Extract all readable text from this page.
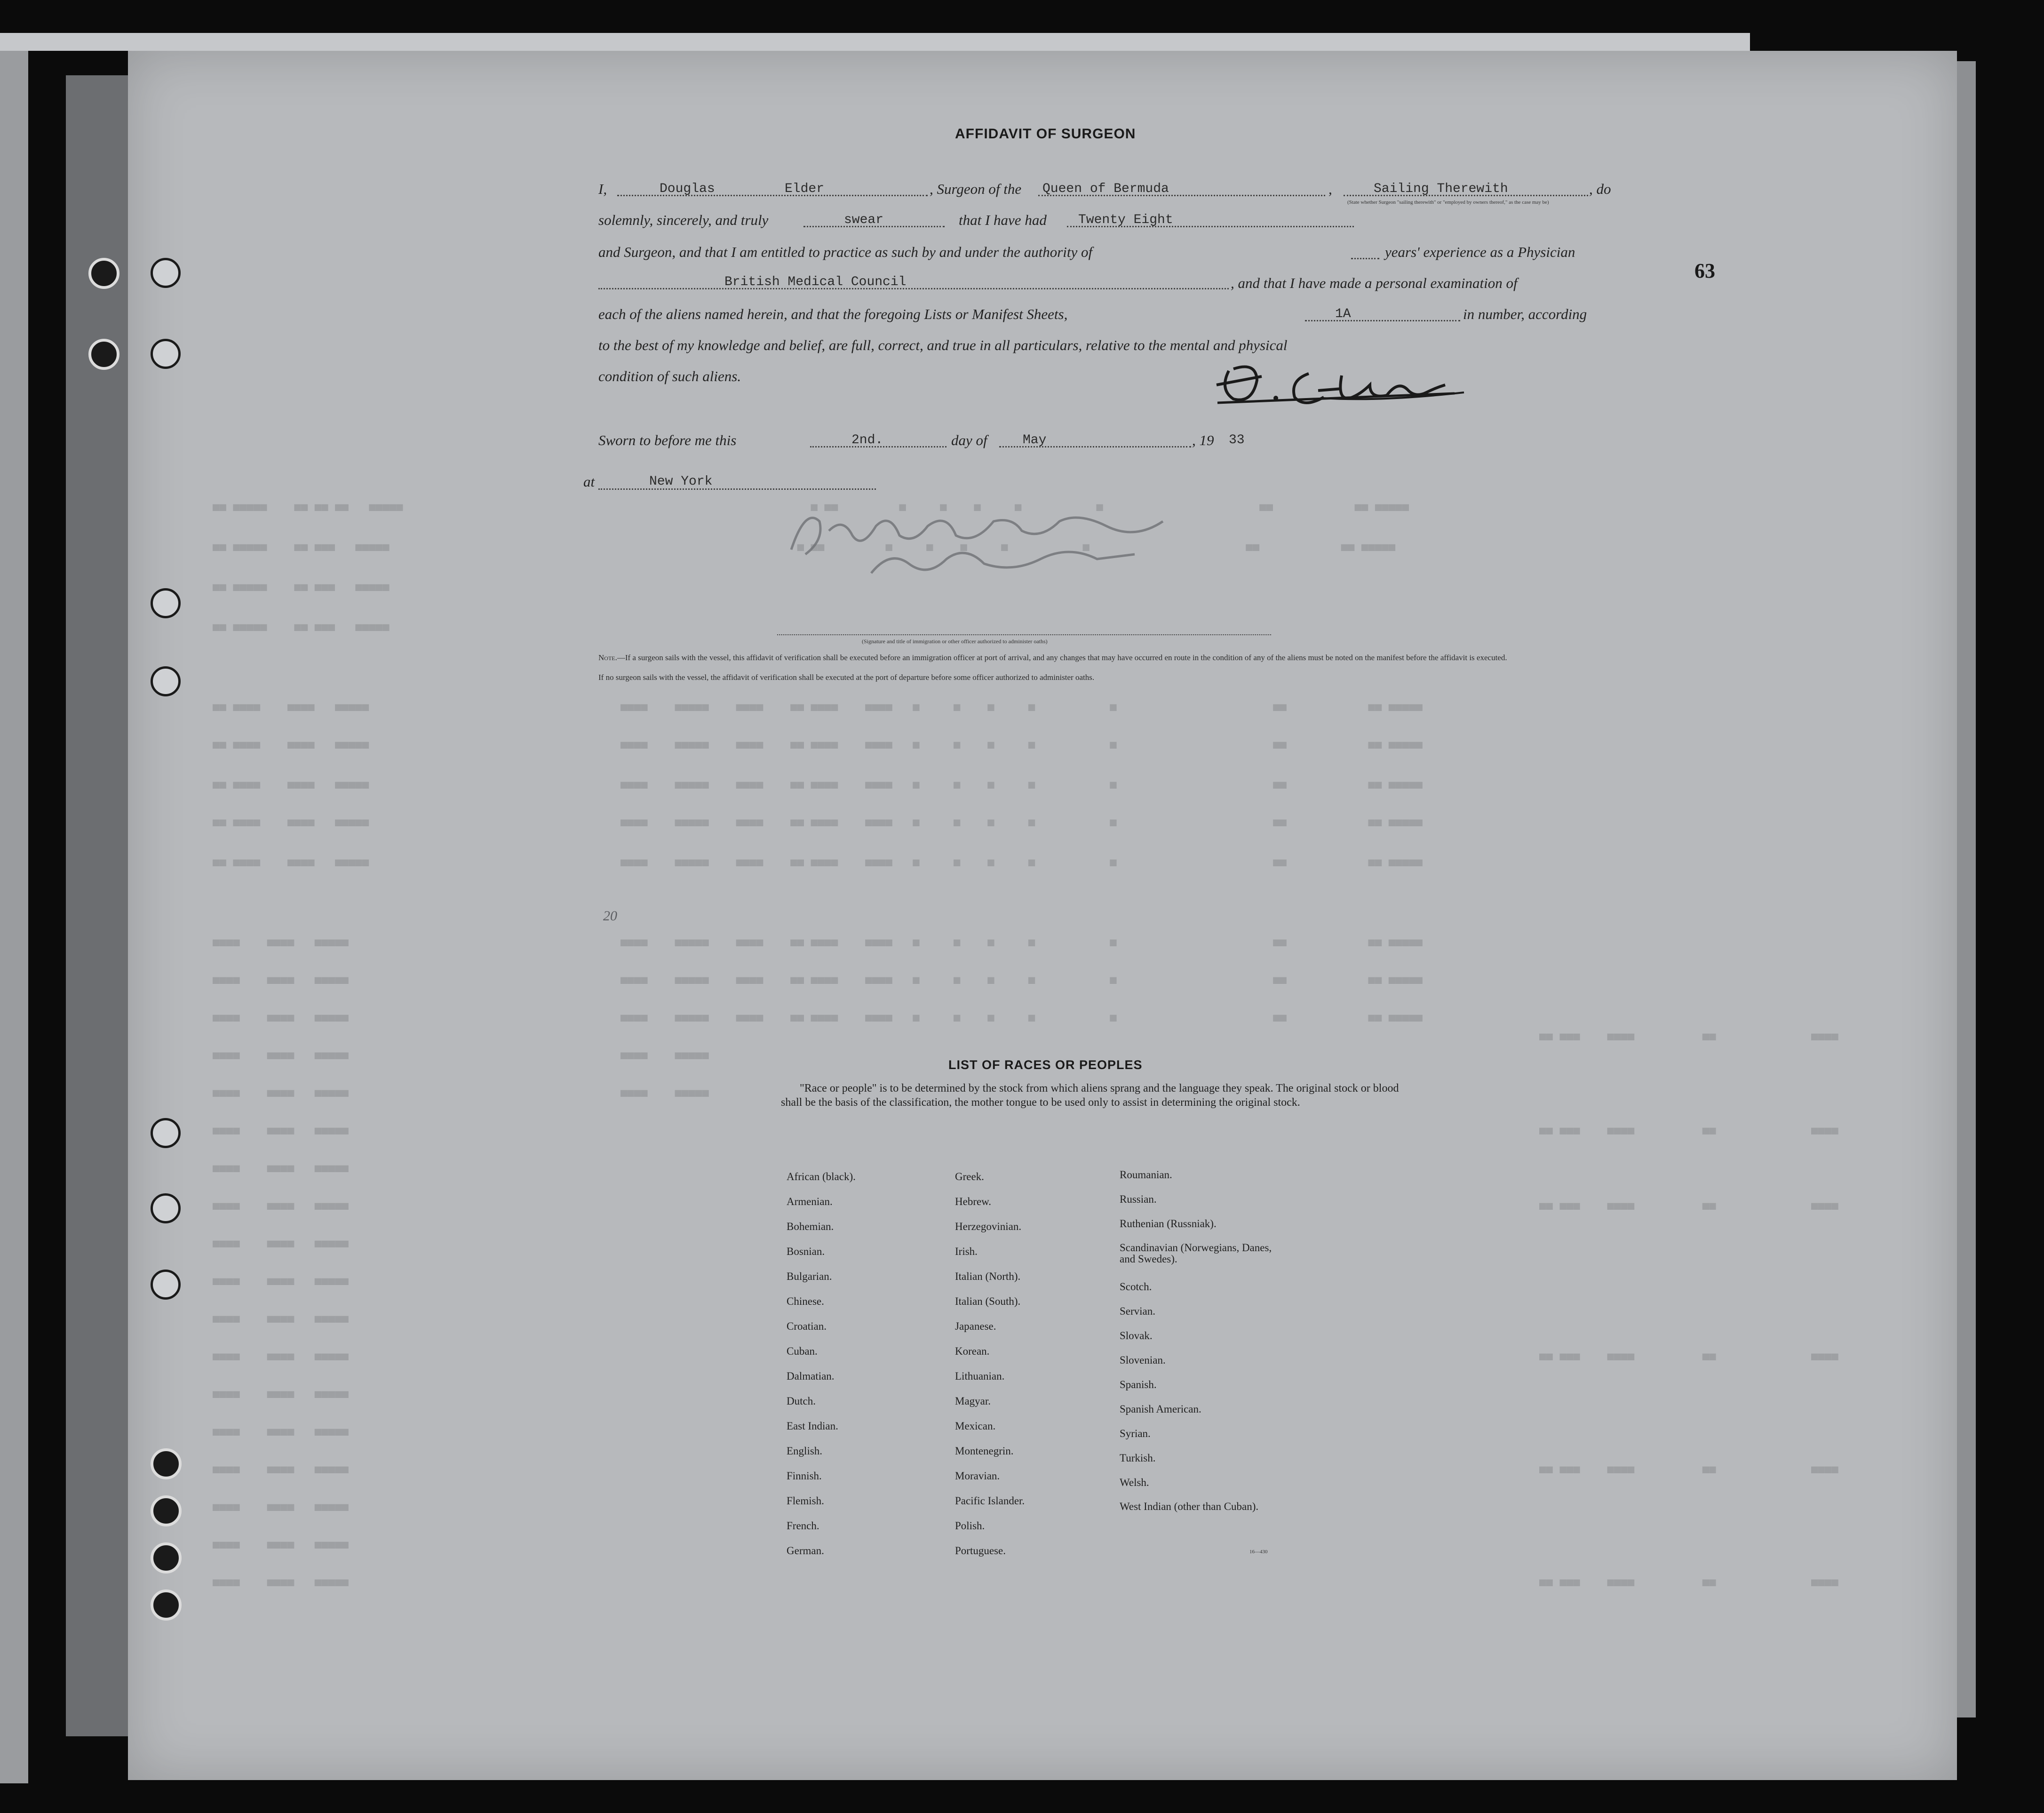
■■ ■■■■■    ■■ ■■ ■■   ■■■■■                                                            ■ ■■         ■     ■    ■     ■           ■                       ■■            ■■ ■■■■■
■■ ■■■■■    ■■ ■■■   ■■■■■                                                            ■ ■■         ■     ■    ■     ■           ■                       ■■            ■■ ■■■■■
■■ ■■■■■    ■■ ■■■   ■■■■■
■■ ■■■■■    ■■ ■■■   ■■■■■
■■ ■■■■    ■■■■   ■■■■■                                     ■■■■    ■■■■■    ■■■■    ■■ ■■■■    ■■■■   ■     ■    ■     ■           ■                       ■■            ■■ ■■■■■
■■ ■■■■    ■■■■   ■■■■■                                     ■■■■    ■■■■■    ■■■■    ■■ ■■■■    ■■■■   ■     ■    ■     ■           ■                       ■■            ■■ ■■■■■
■■ ■■■■    ■■■■   ■■■■■                                     ■■■■    ■■■■■    ■■■■    ■■ ■■■■    ■■■■   ■     ■    ■     ■           ■                       ■■            ■■ ■■■■■
■■ ■■■■    ■■■■   ■■■■■                                     ■■■■    ■■■■■    ■■■■    ■■ ■■■■    ■■■■   ■     ■    ■     ■           ■                       ■■            ■■ ■■■■■
■■ ■■■■    ■■■■   ■■■■■                                     ■■■■    ■■■■■    ■■■■    ■■ ■■■■    ■■■■   ■     ■    ■     ■           ■                       ■■            ■■ ■■■■■
■■■■    ■■■■   ■■■■■                                        ■■■■    ■■■■■    ■■■■    ■■ ■■■■    ■■■■   ■     ■    ■     ■           ■                       ■■            ■■ ■■■■■
■■■■    ■■■■   ■■■■■                                        ■■■■    ■■■■■    ■■■■    ■■ ■■■■    ■■■■   ■     ■    ■     ■           ■                       ■■            ■■ ■■■■■
■■■■    ■■■■   ■■■■■                                        ■■■■    ■■■■■    ■■■■    ■■ ■■■■    ■■■■   ■     ■    ■     ■           ■                       ■■            ■■ ■■■■■
■■■■    ■■■■   ■■■■■                                        ■■■■    ■■■■■
■■■■    ■■■■   ■■■■■                                        ■■■■    ■■■■■
■■■■    ■■■■   ■■■■■
■■■■    ■■■■   ■■■■■
■■■■    ■■■■   ■■■■■
■■■■    ■■■■   ■■■■■
■■■■    ■■■■   ■■■■■
■■■■    ■■■■   ■■■■■
■■■■    ■■■■   ■■■■■
■■■■    ■■■■   ■■■■■
■■■■    ■■■■   ■■■■■
■■■■    ■■■■   ■■■■■
■■■■    ■■■■   ■■■■■
■■■■    ■■■■   ■■■■■
■■■■    ■■■■   ■■■■■
■■ ■■■    ■■■■          ■■              ■■■■
■■ ■■■    ■■■■          ■■              ■■■■
■■ ■■■    ■■■■          ■■              ■■■■
■■ ■■■    ■■■■          ■■              ■■■■
■■ ■■■    ■■■■          ■■              ■■■■
■■ ■■■    ■■■■          ■■              ■■■■
AFFIDAVIT OF SURGEON
63
I,	Douglas	Elder	, Surgeon of the Queen of Bermuda	,	Sailing Therewith	, do
(State whether Surgeon "sailing therewith" or "employed by owners thereof," as the case may be)
solemnly, sincerely, and truly	swear	that I have had Twenty Eight
and Surgeon, and that I am entitled to practice as such by and under the authority of	years' experience as a Physician
British Medical Council	, and that I have made a personal examination of
each of the aliens named herein, and that the foregoing Lists or Manifest Sheets,	1A	in number, according
to the best of my knowledge and belief, are full, correct, and true in all particulars, relative to the mental and physical
condition of such aliens.
Sworn to before me this	2nd.	day of	May	, 19 33
at	New York
(Signature and title of immigration or other officer authorized to administer oaths)
Note.—If a surgeon sails with the vessel, this affidavit of verification shall be executed before an immigration officer at port of arrival, and any changes that may have occurred en route in the condition of any of the aliens must be noted on the manifest before the affidavit is executed.
If no surgeon sails with the vessel, the affidavit of verification shall be executed at the port of departure before some officer authorized to administer oaths.
20
LIST OF RACES OR PEOPLES
"Race or people" is to be determined by the stock from which aliens sprang and the language they speak. The original stock or blood shall be the basis of the classification, the mother tongue to be used only to assist in determining the original stock.
African (black).
Armenian.
Bohemian.
Bosnian.
Bulgarian.
Chinese.
Croatian.
Cuban.
Dalmatian.
Dutch.
East Indian.
English.
Finnish.
Flemish.
French.
German.
Greek.
Hebrew.
Herzegovinian.
Irish.
Italian (North).
Italian (South).
Japanese.
Korean.
Lithuanian.
Magyar.
Mexican.
Montenegrin.
Moravian.
Pacific Islander.
Polish.
Portuguese.
Roumanian.
Russian.
Ruthenian (Russniak).
Scandinavian (Norwegians, Danes, and Swedes).
Scotch.
Servian.
Slovak.
Slovenian.
Spanish.
Spanish American.
Syrian.
Turkish.
Welsh.
West Indian (other than Cuban).
16—430
